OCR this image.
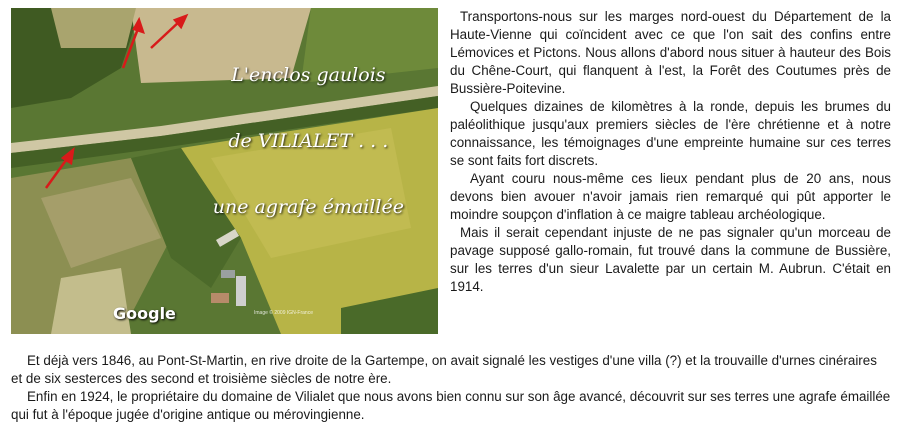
L'enclos gaulois

de VILIALET . . .

une agrafe émaillée

Google	Image © 2009 IGN-France

Transportons-nous sur les marges nord-ouest du Département de la Haute-Vienne qui coïncident avec ce que l'on sait des confins entre Lémovices et Pictons. Nous allons d'abord nous situer à hauteur des Bois du Chêne-Court, qui flanquent à l'est, la Forêt des Coutumes près de Bussière-Poitevine.

Quelques dizaines de kilomètres à la ronde, depuis les brumes du paléolithique jusqu'aux premiers siècles de l'ère chrétienne et à notre connaissance, les témoignages d'une empreinte humaine sur ces terres se sont faits fort discrets.

Ayant couru nous-même ces lieux pendant plus de 20 ans, nous devons bien avouer n'avoir jamais rien remarqué qui pût apporter le moindre soupçon d'inflation à ce maigre tableau archéologique.

Mais il serait cependant injuste de ne pas signaler qu'un morceau de pavage supposé gallo-romain, fut trouvé dans la commune de Bussière, sur les terres d'un sieur Lavalette par un certain M. Aubrun. C'était en 1914.

Et déjà vers 1846, au Pont-St-Martin, en rive droite de la Gartempe, on avait signalé les vestiges d'une villa (?) et la trouvaille d'urnes cinéraires et de six sesterces des second et troisième siècles de notre ère.

Enfin en 1924, le propriétaire du domaine de Vilialet que nous avons bien connu sur son âge avancé, découvrit sur ses terres une agrafe émaillée qui fut à l'époque jugée d'origine antique ou mérovingienne.
